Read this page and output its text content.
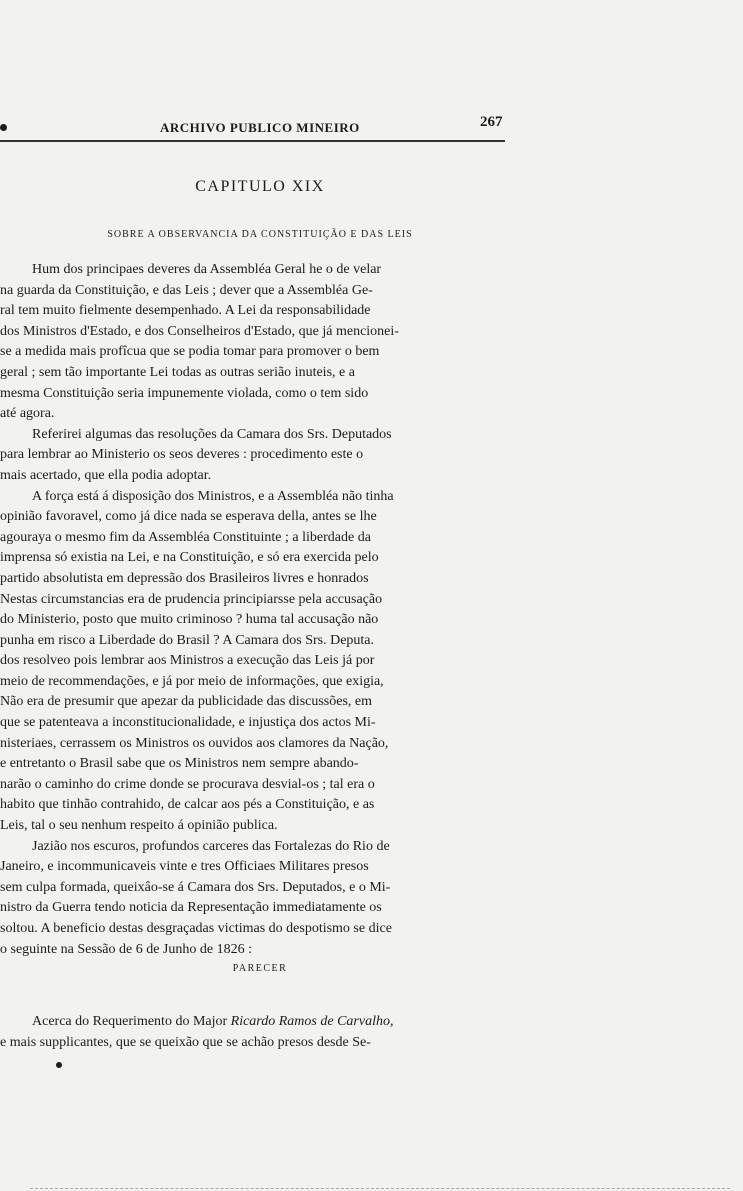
ARCHIVO PUBLICO MINEIRO	267
CAPITULO XIX
SOBRE A OBSERVANCIA DA CONSTITUIÇÃO E DAS LEIS

Hum dos principaes deveres da Assembléa Geral he o de velar
na guarda da Constituição, e das Leis ; dever que a Assembléa Ge-
ral tem muito fielmente desempenhado. A Lei da responsabilidade
dos Ministros d'Estado, e dos Conselheiros d'Estado, que já mencionei-
se a medida mais profîcua que se podia tomar para promover o bem
geral ; sem tão importante Lei todas as outras serião inuteis, e a
mesma Constituição seria impunemente violada, como o tem sido
até agora.

Referirei algumas das resoluções da Camara dos Srs. Deputados
para lembrar ao Ministerio os seos deveres : procedimento este o
mais acertado, que ella podia adoptar.

A força está á disposição dos Ministros, e a Assembléa não tinha
opinião favoravel, como já dice nada se esperava della, antes se lhe
agouraya o mesmo fim da Assembléa Constituinte ; a liberdade da
imprensa só existia na Lei, e na Constituição, e só era exercida pelo
partido absolutista em depressão dos Brasileiros livres e honrados
Nestas circumstancias era de prudencia principiarsse pela accusação
do Ministerio, posto que muito criminoso ? huma tal accusação não
punha em risco a Liberdade do Brasil ? A Camara dos Srs. Deputa.
dos resolveo pois lembrar aos Ministros a execução das Leis já por
meio de recommendações, e já por meio de informações, que exigia,
Não era de presumir que apezar da publicidade das discussões, em
que se patenteava a inconstitucionalidade, e injustiça dos actos Mi-
nisteriaes, cerrassem os Ministros os ouvidos aos clamores da Nação,
e entretanto o Brasil sabe que os Ministros nem sempre abando-
narão o caminho do crime donde se procurava desvial-os ; tal era o
habito que tinhão contrahido, de calcar aos pés a Constituição, e as
Leis, tal o seu nenhum respeito á opinião publica.

Jazião nos escuros, profundos carceres das Fortalezas do Rio de
Janeiro, e incommunicaveis vinte e tres Officiaes Militares presos
sem culpa formada, queixâo-se á Camara dos Srs. Deputados, e o Mi-
nistro da Guerra tendo noticia da Representação immediatamente os
soltou. A beneficio destas desgraçadas victimas do despotismo se dice
o seguinte na Sessão de 6 de Junho de 1826 :

PARECER
Acerca do Requerimento do Major Ricardo Ramos de Carvalho,
e mais supplicantes, que se queixão que se achão presos desde Se-
